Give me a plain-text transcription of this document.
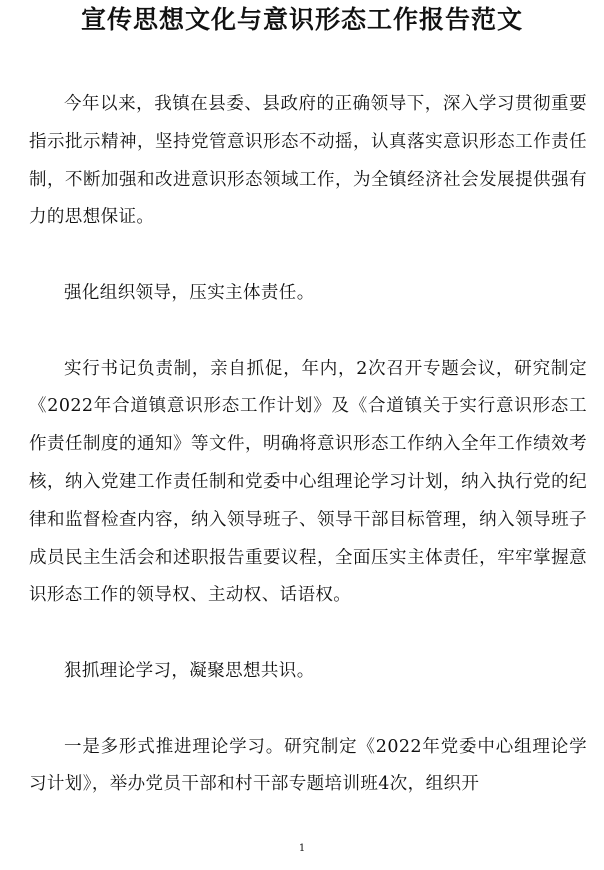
宣传思想文化与意识形态工作报告范文

今年以来，我镇在县委、县政府的正确领导下，深入学习贯彻重要指示批示精神，坚持党管意识形态不动摇，认真落实意识形态工作责任制，不断加强和改进意识形态领域工作，为全镇经济社会发展提供强有力的思想保证。

强化组织领导，压实主体责任。

实行书记负责制，亲自抓促，年内，2次召开专题会议，研究制定《2022年合道镇意识形态工作计划》及《合道镇关于实行意识形态工作责任制度的通知》等文件，明确将意识形态工作纳入全年工作绩效考核，纳入党建工作责任制和党委中心组理论学习计划，纳入执行党的纪律和监督检查内容，纳入领导班子、领导干部目标管理，纳入领导班子成员民主生活会和述职报告重要议程，全面压实主体责任，牢牢掌握意识形态工作的领导权、主动权、话语权。

狠抓理论学习，凝聚思想共识。

一是多形式推进理论学习。研究制定《2022年党委中心组理论学习计划》，举办党员干部和村干部专题培训班4次，组织开

1
